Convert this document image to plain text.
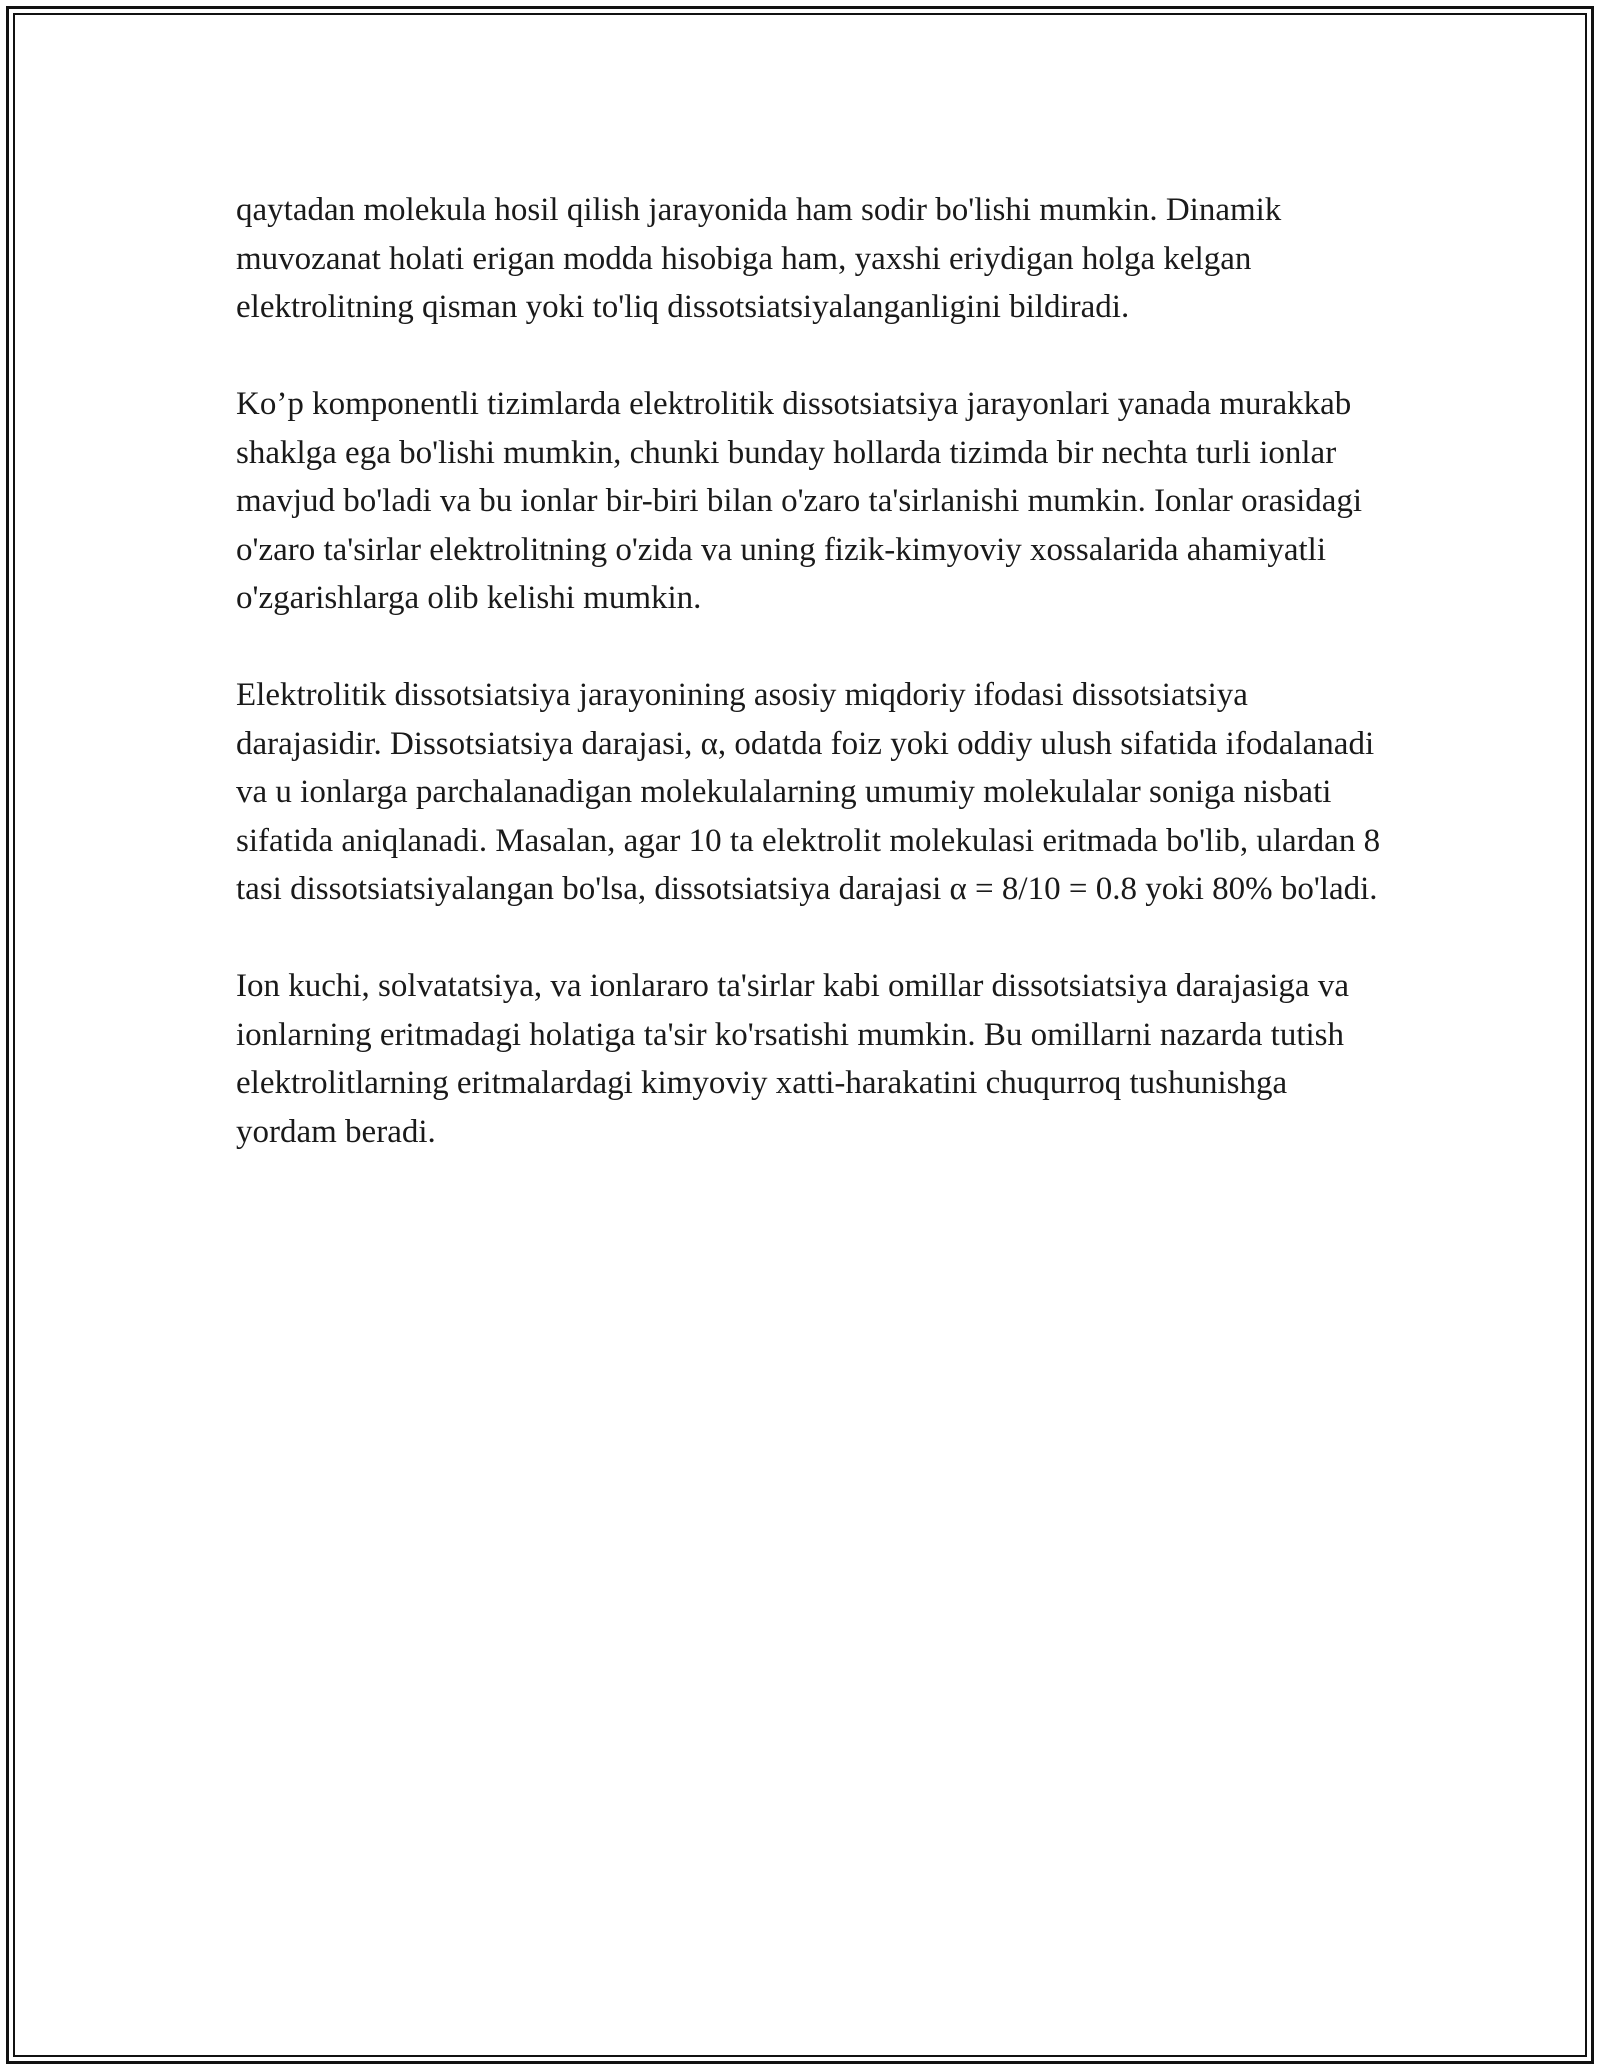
qaytadan molekula hosil qilish jarayonida ham sodir bo'lishi mumkin. Dinamik muvozanat holati erigan modda hisobiga ham, yaxshi eriydigan holga kelgan elektrolitning qisman yoki to'liq dissotsiatsiyalanganligini bildiradi.

Ko’p komponentli tizimlarda elektrolitik dissotsiatsiya jarayonlari yanada murakkab shaklga ega bo'lishi mumkin, chunki bunday hollarda tizimda bir nechta turli ionlar mavjud bo'ladi va bu ionlar bir-biri bilan o'zaro ta'sirlanishi mumkin. Ionlar orasidagi o'zaro ta'sirlar elektrolitning o'zida va uning fizik-kimyoviy xossalarida ahamiyatli o'zgarishlarga olib kelishi mumkin.

Elektrolitik dissotsiatsiya jarayonining asosiy miqdoriy ifodasi dissotsiatsiya darajasidir. Dissotsiatsiya darajasi, α, odatda foiz yoki oddiy ulush sifatida ifodalanadi va u ionlarga parchalanadigan molekulalarning umumiy molekulalar soniga nisbati sifatida aniqlanadi. Masalan, agar 10 ta elektrolit molekulasi eritmada bo'lib, ulardan 8 tasi dissotsiatsiyalangan bo'lsa, dissotsiatsiya darajasi α = 8/10 = 0.8 yoki 80% bo'ladi.

Ion kuchi, solvatatsiya, va ionlararo ta'sirlar kabi omillar dissotsiatsiya darajasiga va ionlarning eritmadagi holatiga ta'sir ko'rsatishi mumkin. Bu omillarni nazarda tutish elektrolitlarning eritmalardagi kimyoviy xatti-harakatini chuqurroq tushunishga yordam beradi.
